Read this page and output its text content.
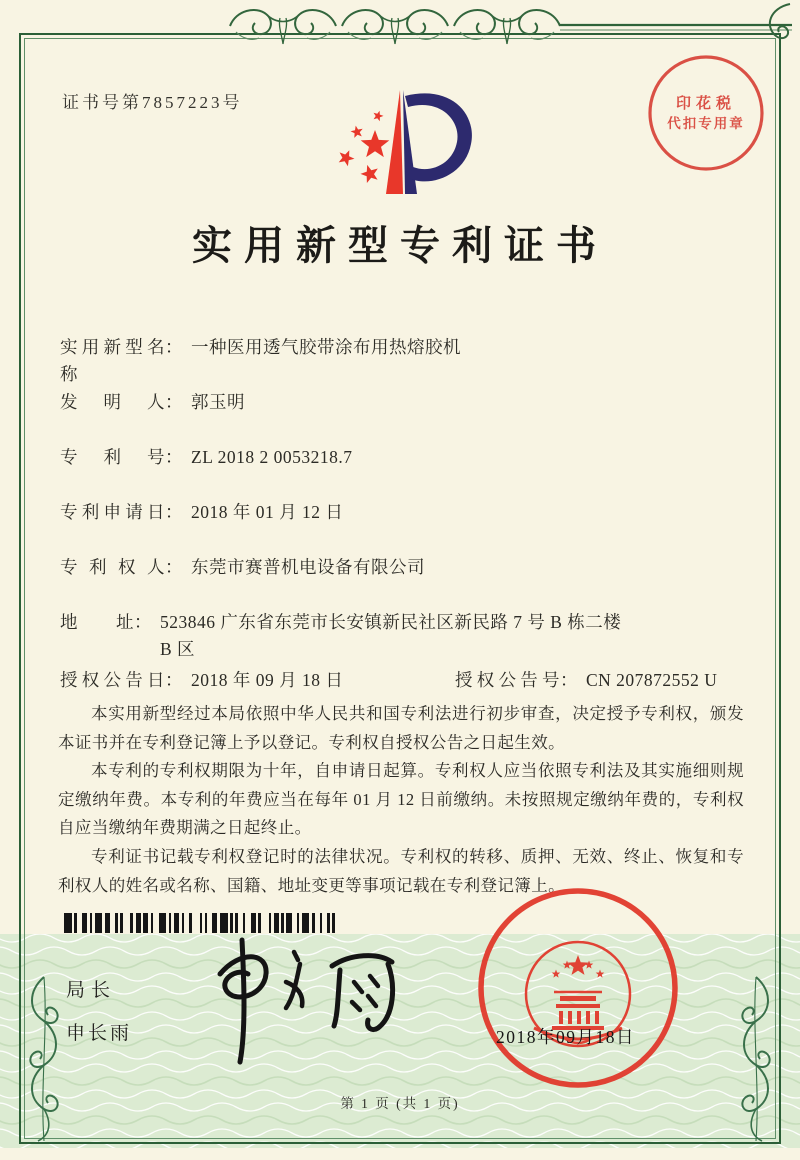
证书号第7857223号	印花税
代扣专用章
实用新型专利证书
实用新型名称
： 一种医用透气胶带涂布用热熔胶机
发明人 ： 郭玉明
专利号 ： ZL 2018 2 0053218.7
专利申请日 ： 2018 年 01 月 12 日
专利权人 ： 东莞市赛普机电设备有限公司
地址 ： 523846 广东省东莞市长安镇新民社区新民路 7 号 B 栋二楼 B 区
授权公告日 ： 2018 年 09 月 18 日	授权公告号 ： CN 207872552 U

本实用新型经过本局依照中华人民共和国专利法进行初步审查，决定授予专利权，颁发本证书并在专利登记簿上予以登记。专利权自授权公告之日起生效。

本专利的专利权期限为十年，自申请日起算。专利权人应当依照专利法及其实施细则规定缴纳年费。本专利的年费应当在每年 01 月 12 日前缴纳。未按照规定缴纳年费的，专利权自应当缴纳年费期满之日起终止。

专利证书记载专利权登记时的法律状况。专利权的转移、质押、无效、终止、恢复和专利权人的姓名或名称、国籍、地址变更等事项记载在专利登记簿上。

局长
申长雨	2018年09月18日
第 1 页 (共 1 页)
